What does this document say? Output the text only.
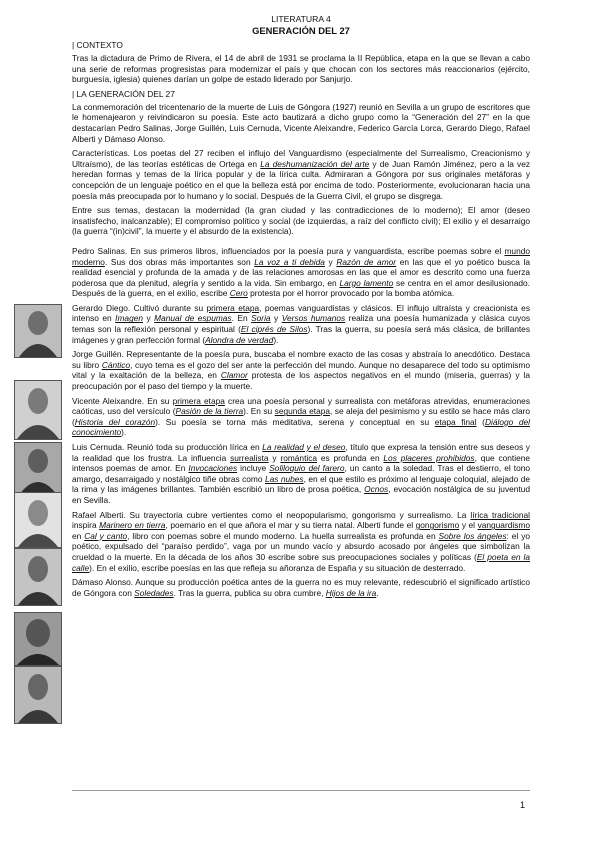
LITERATURA 4
GENERACIÓN DEL 27
| CONTEXTO

Tras la dictadura de Primo de Rivera, el 14 de abril de 1931 se proclama la II República, etapa en la que se llevan a cabo una serie de reformas progresistas para modernizar el país y que chocan con los sectores más reaccionarios (ejército, burguesía, iglesia) quienes darían un golpe de estado liderado por Sanjurjo.

| LA GENERACIÓN DEL 27

La conmemoración del tricentenario de la muerte de Luis de Góngora (1927) reunió en Sevilla a un grupo de escritores que le homenajearon y reivindicaron su poesía. Este acto bautizará a dicho grupo como la “Generación del 27” en la que destacarían Pedro Salinas, Jorge Guillén, Luis Cernuda, Vicente Aleixandre, Federico García Lorca, Gerardo Diego, Rafael Alberti y Dámaso Alonso.

Características. Los poetas del 27 reciben el influjo del Vanguardismo (especialmente del Surrealismo, Creacionismo y Ultraísmo), de las teorías estéticas de Ortega en La deshumanización del arte y de Juan Ramón Jiménez, pero a la vez heredan formas y temas de la lírica popular y de la lírica culta. Admiraran a Góngora por sus originales metáforas y concepción de un lenguaje poético en el que la belleza está por encima de todo. Posteriormente, evolucionaran hacia una poesía más preocupada por lo humano y lo social. Después de la Guerra Civil, el grupo se disgrega.

Entre sus temas, destacan la modernidad (la gran ciudad y las contradicciones de lo moderno); El amor (deseo insatisfecho, inalcanzable); El compromiso político y social (de izquierdas, a raíz del conflicto civil); El exilio y el desarraigo (la guerra “(in)civil”, la muerte y el absurdo de la existencia).

Pedro Salinas. En sus primeros libros, influenciados por la poesía pura y vanguardista, escribe poemas sobre el mundo moderno. Sus dos obras más importantes son La voz a ti debida y Razón de amor en las que el yo poético busca la realidad esencial y profunda de la amada y de las relaciones amorosas en las que el amor es descrito como una fuerza poderosa que da plenitud, alegría y sentido a la vida. Sin embargo, en Largo lamento se centra en el amor desilusionado. Después de la guerra, en el exilio, escribe Cero protesta por el horror provocado por la bomba atómica.

Gerardo Diego. Cultivó durante su primera etapa, poemas vanguardistas y clásicos. El influjo ultraísta y creacionista es intenso en Imagen y Manual de espumas. En Soria y Versos humanos realiza una poesía humanizada y clásica cuyos temas son la reflexión personal y espiritual (El ciprés de Silos). Tras la guerra, su poesía será más clásica, de brillantes imágenes y gran perfección formal (Alondra de verdad).

Jorge Guillén. Representante de la poesía pura, buscaba el nombre exacto de las cosas y abstraía lo anecdótico. Destaca su libro Cántico, cuyo tema es el gozo del ser ante la perfección del mundo. Aunque no desaparece del todo su optimismo vital y la exaltación de la belleza, en Clamor protesta de los aspectos negativos en el mundo (miseria, guerras) y la preocupación por el paso del tiempo y la muerte.

Vicente Aleixandre. En su primera etapa crea una poesía personal y surrealista con metáforas atrevidas, enumeraciones caóticas, uso del versículo (Pasión de la tierra). En su segunda etapa, se aleja del pesimismo y su estilo se hace más claro (Historia del corazón). Su poesía se torna más meditativa, serena y conceptual en su etapa final (Diálogo del conocimiento).

Luis Cernuda. Reunió toda su producción lírica en La realidad y el deseo, título que expresa la tensión entre sus deseos y la realidad que los frustra. La influencia surrealista y romántica es profunda en Los placeres prohibidos, que contiene intensos poemas de amor. En Invocaciones incluye Soliloquio del farero, un canto a la soledad. Tras el destierro, el tono amargo, desarraigado y nostálgico tiñe obras como Las nubes, en el que estilo es próximo al lenguaje coloquial, alejado de la rima y las imágenes brillantes. También escribió un libro de prosa poética, Ocnos, evocación nostálgica de su juventud en Sevilla.

Rafael Alberti. Su trayectoria cubre vertientes como el neopopularismo, gongorismo y surrealismo. La lírica tradicional inspira Marinero en tierra, poemario en el que añora el mar y su tierra natal. Alberti funde el gongorismo y el vanguardismo en Cal y canto, libro con poemas sobre el mundo moderno. La huella surrealista es profunda en Sobre los ángeles: el yo poético, expulsado del “paraíso perdido”, vaga por un mundo vacío y absurdo acosado por ángeles que simbolizan la crueldad o la muerte. En la década de los años 30 escribe sobre sus preocupaciones sociales y políticas (El poeta en la calle). En el exilio, escribe poesías en las que refleja su añoranza de España y su situación de desterrado.

Dámaso Alonso. Aunque su producción poética antes de la guerra no es muy relevante, redescubrió el significado artístico de Góngora con Soledades. Tras la guerra, publica su obra cumbre, Hijos de la ira.

1
